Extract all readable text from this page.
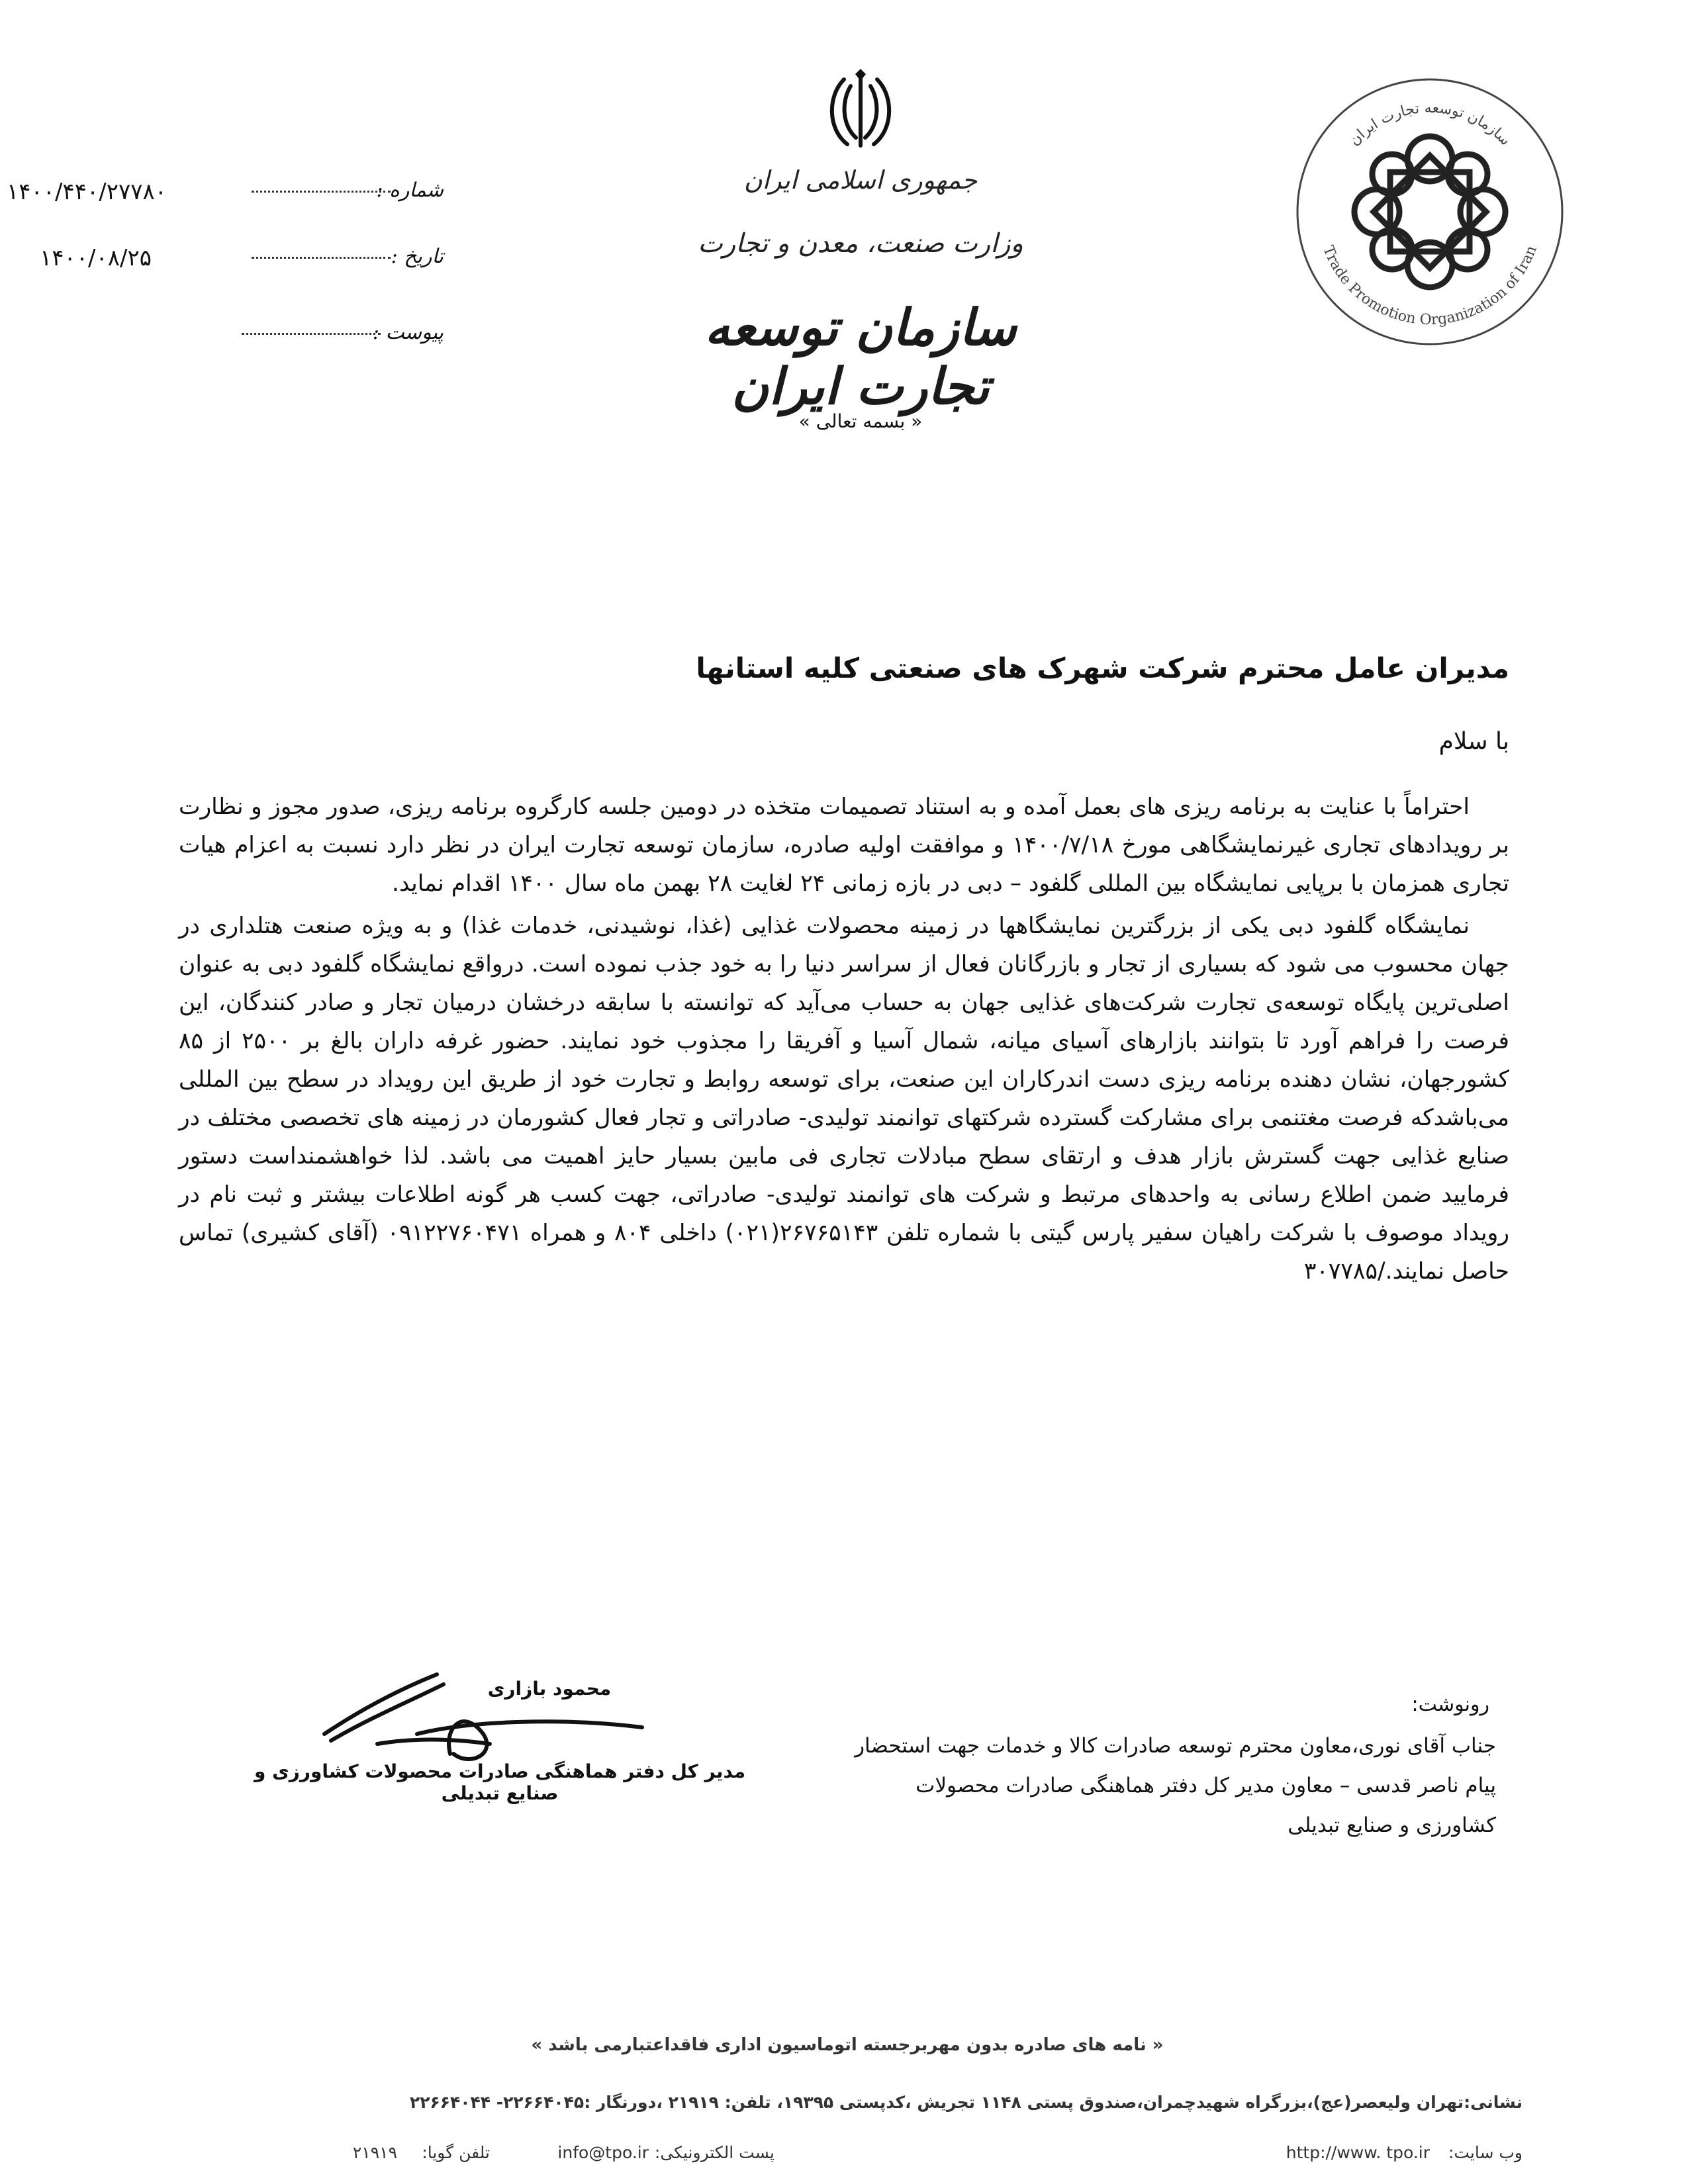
شماره :
۱۴۰۰/۴۴۰/۲۷۷۸۰
تاریخ :
۱۴۰۰/۰۸/۲۵
پیوست :
جمهوری اسلامی ایران
وزارت صنعت، معدن و تجارت
سازمان توسعه تجارت ایران
« بسمه تعالی »
سازمان توسعه تجارت ایران
Trade Promotion Organization of Iran
مدیران عامل محترم شرکت شهرک های صنعتی کلیه استانها
با سلام

احتراماً با عنایت به برنامه ریزی های بعمل آمده و به استناد تصمیمات متخذه در دومین جلسه کارگروه برنامه ریزی، صدور مجوز و نظارت بر رویدادهای تجاری غیرنمایشگاهی مورخ ۱۴۰۰/۷/۱۸ و موافقت اولیه صادره، سازمان توسعه تجارت ایران در نظر دارد نسبت به اعزام هیات تجاری همزمان با برپایی نمایشگاه بین المللی گلفود – دبی در بازه زمانی ۲۴ لغایت ۲۸ بهمن ماه سال ۱۴۰۰ اقدام نماید.

نمایشگاه گلفود دبی یکی از بزرگترین نمایشگاهها در زمینه محصولات غذایی (غذا، نوشیدنی، خدمات غذا) و به ویژه صنعت هتلداری در جهان محسوب می شود که بسیاری از تجار و بازرگانان فعال از سراسر دنیا را به خود جذب نموده است. درواقع نمایشگاه گلفود دبی به عنوان اصلی‌ترین پایگاه توسعه‌ی تجارت شرکت‌های غذایی جهان به حساب می‌آید که توانسته با سابقه درخشان درمیان تجار و صادر کنندگان، این فرصت را فراهم آورد تا بتوانند بازارهای آسیای میانه، شمال آسیا و آفریقا را مجذوب خود نمایند. حضور غرفه داران بالغ بر ۲۵۰۰ از ۸۵ کشورجهان، نشان دهنده برنامه ریزی دست اندرکاران این صنعت، برای توسعه روابط و تجارت خود از طریق این رویداد در سطح بین المللی می‌باشدکه فرصت مغتنمی برای مشارکت گسترده شرکتهای توانمند تولیدی- صادراتی و تجار فعال کشورمان در زمینه های تخصصی مختلف در صنایع غذایی جهت گسترش بازار هدف و ارتقای سطح مبادلات تجاری فی مابین بسیار حایز اهمیت می باشد. لذا خواهشمنداست دستور فرمایید ضمن اطلاع رسانی به واحدهای مرتبط و شرکت های توانمند تولیدی- صادراتی، جهت کسب هر گونه اطلاعات بیشتر و ثبت نام در رویداد موصوف با شرکت راهیان سفیر پارس گیتی با شماره تلفن ۲۶۷۶۵۱۴۳(۰۲۱) داخلی ۸۰۴ و همراه ۰۹۱۲۲۷۶۰۴۷۱ (آقای کشیری) تماس حاصل نمایند./۳۰۷۷۸۵

محمود بازاری
مدیر کل دفتر هماهنگی صادرات محصولات کشاورزی و صنایع تبدیلی
رونوشت:
جناب آقای نوری،معاون محترم توسعه صادرات کالا و خدمات جهت استحضار
پیام ناصر قدسی – معاون مدیر کل دفتر هماهنگی صادرات محصولات کشاورزی و صنایع تبدیلی
« نامه های صادره بدون مهربرجسته اتوماسیون اداری فاقداعتبارمی باشد »
نشانی:تهران ولیعصر(عج)،بزرگراه شهیدچمران،صندوق پستی ۱۱۴۸ تجریش ،کدپستی ۱۹۳۹۵، تلفن: ۲۱۹۱۹ ،دورنگار :۲۲۶۶۴۰۴۵- ۲۲۶۶۴۰۴۴
وب سایت:
http://www. tpo.ir
پست الکترونیکی:
info@tpo.ir
تلفن گویا:
۲۱۹۱۹
